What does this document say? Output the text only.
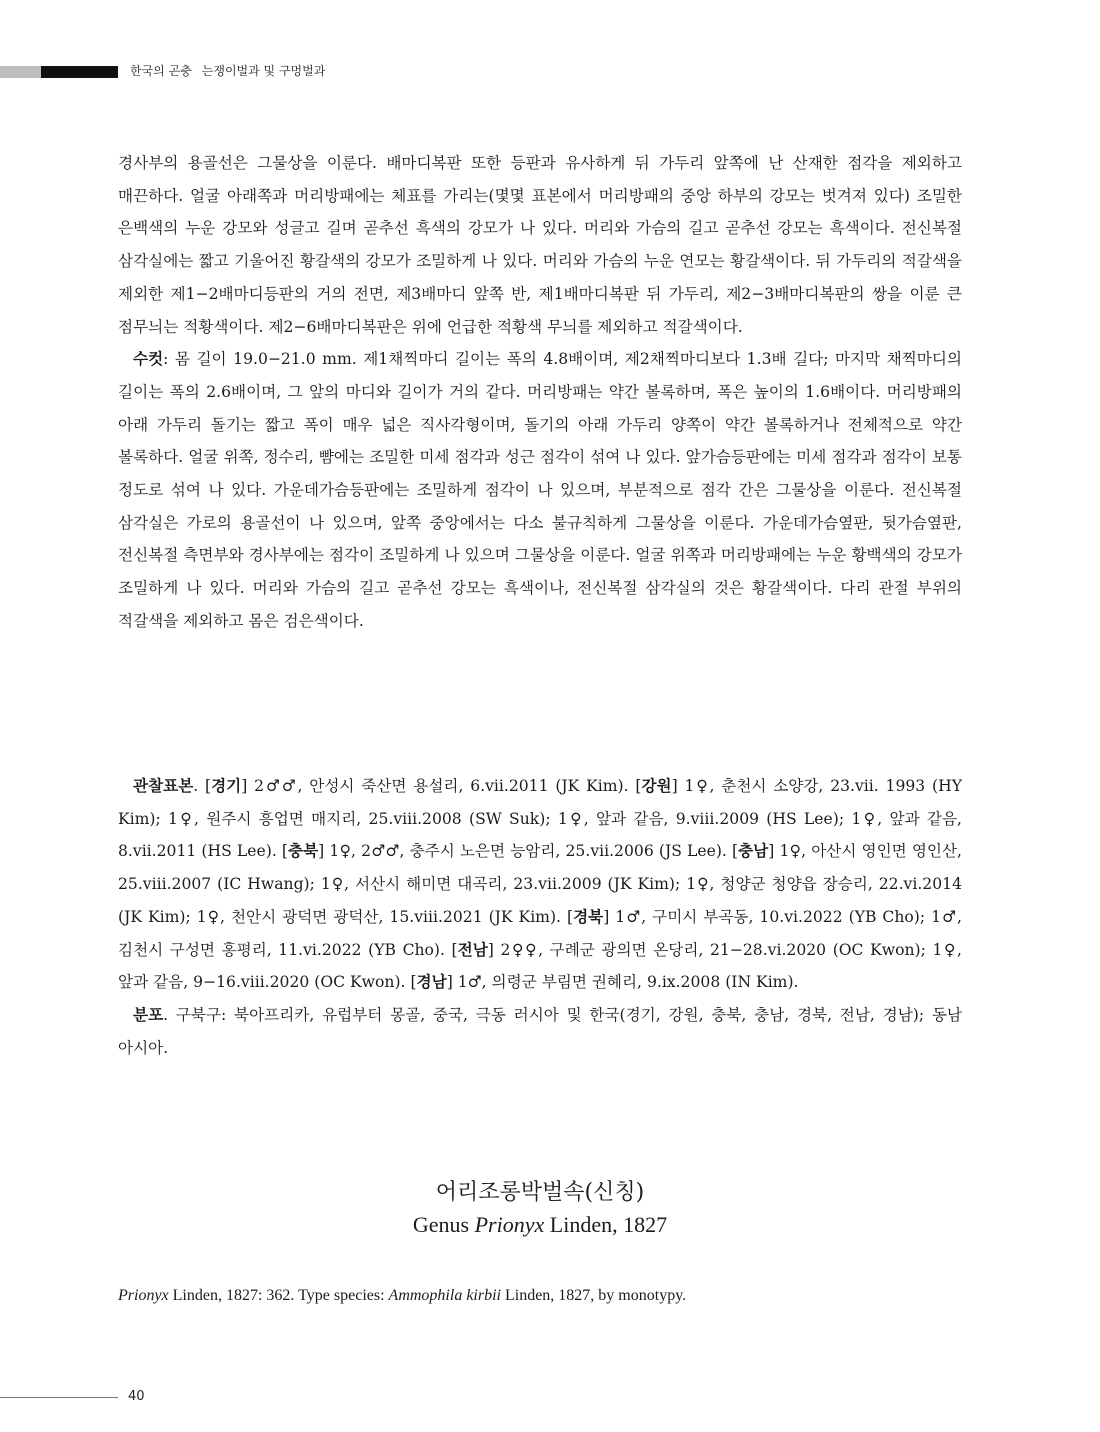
한국의 곤충 는쟁이벌과 및 구멍벌과

경사부의 용골선은 그물상을 이룬다. 배마디복판 또한 등판과 유사하게 뒤 가두리 앞쪽에 난 산재한 점각을 제외하고 매끈하다. 얼굴 아래쪽과 머리방패에는 체표를 가리는(몇몇 표본에서 머리방패의 중앙 하부의 강모는 벗겨져 있다) 조밀한 은백색의 누운 강모와 성글고 길며 곧추선 흑색의 강모가 나 있다. 머리와 가슴의 길고 곧추선 강모는 흑색이다. 전신복절 삼각실에는 짧고 기울어진 황갈색의 강모가 조밀하게 나 있다. 머리와 가슴의 누운 연모는 황갈색이다. 뒤 가두리의 적갈색을 제외한 제1−2배마디등판의 거의 전면, 제3배마디 앞쪽 반, 제1배마디복판 뒤 가두리, 제2−3배마디복판의 쌍을 이룬 큰 점무늬는 적황색이다. 제2−6배마디복판은 위에 언급한 적황색 무늬를 제외하고 적갈색이다.

수컷: 몸 길이 19.0−21.0 mm. 제1채찍마디 길이는 폭의 4.8배이며, 제2채찍마디보다 1.3배 길다; 마지막 채찍마디의 길이는 폭의 2.6배이며, 그 앞의 마디와 길이가 거의 같다. 머리방패는 약간 볼록하며, 폭은 높이의 1.6배이다. 머리방패의 아래 가두리 돌기는 짧고 폭이 매우 넓은 직사각형이며, 돌기의 아래 가두리 양쪽이 약간 볼록하거나 전체적으로 약간 볼록하다. 얼굴 위쪽, 정수리, 뺨에는 조밀한 미세 점각과 성근 점각이 섞여 나 있다. 앞가슴등판에는 미세 점각과 점각이 보통 정도로 섞여 나 있다. 가운데가슴등판에는 조밀하게 점각이 나 있으며, 부분적으로 점각 간은 그물상을 이룬다. 전신복절 삼각실은 가로의 용골선이 나 있으며, 앞쪽 중앙에서는 다소 불규칙하게 그물상을 이룬다. 가운데가슴옆판, 뒷가슴옆판, 전신복절 측면부와 경사부에는 점각이 조밀하게 나 있으며 그물상을 이룬다. 얼굴 위쪽과 머리방패에는 누운 황백색의 강모가 조밀하게 나 있다. 머리와 가슴의 길고 곧추선 강모는 흑색이나, 전신복절 삼각실의 것은 황갈색이다. 다리 관절 부위의 적갈색을 제외하고 몸은 검은색이다.

관찰표본. [경기] 2♂♂, 안성시 죽산면 용설리, 6.vii.2011 (JK Kim). [강원] 1♀, 춘천시 소양강, 23.vii. 1993 (HY Kim); 1♀, 원주시 흥업면 매지리, 25.viii.2008 (SW Suk); 1♀, 앞과 같음, 9.viii.2009 (HS Lee); 1♀, 앞과 같음, 8.vii.2011 (HS Lee). [충북] 1♀, 2♂♂, 충주시 노은면 능암리, 25.vii.2006 (JS Lee). [충남] 1♀, 아산시 영인면 영인산, 25.viii.2007 (IC Hwang); 1♀, 서산시 해미면 대곡리, 23.vii.2009 (JK Kim); 1♀, 청양군 청양읍 장승리, 22.vi.2014 (JK Kim); 1♀, 천안시 광덕면 광덕산, 15.viii.2021 (JK Kim). [경북] 1♂, 구미시 부곡동, 10.vi.2022 (YB Cho); 1♂, 김천시 구성면 홍평리, 11.vi.2022 (YB Cho). [전남] 2♀♀, 구례군 광의면 온당리, 21−28.vi.2020 (OC Kwon); 1♀, 앞과 같음, 9−16.viii.2020 (OC Kwon). [경남] 1♂, 의령군 부림면 권혜리, 9.ix.2008 (IN Kim).

분포. 구북구: 북아프리카, 유럽부터 몽골, 중국, 극동 러시아 및 한국(경기, 강원, 충북, 충남, 경북, 전남, 경남); 동남 아시아.

어리조롱박벌속(신칭)
Genus Prionyx Linden, 1827
Prionyx Linden, 1827: 362. Type species: Ammophila kirbii Linden, 1827, by monotypy.
40
